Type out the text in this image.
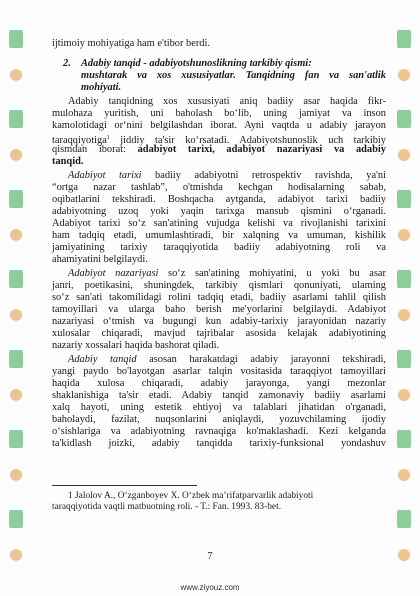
ijtimoiy mohiyatiga ham e'tibor berdi.
2. Adabiy tanqid - adabiyotshunoslikning tarkibiy qismi:
mushtarak va xos xususiyatlar. Tanqidning fan va san'atlik
mohiyati.
Adabiy tanqidning xos xususiyati aniq badiiy asar haqida fikr-
mulohaza yuritish, uni baholash bo‘lib, uning jamiyat va inson
kamolotidagi or‘nini belgilashdan iborat. Ayni vaqtda u adabiy jarayon
taraqqiyotiga$^1$ jiddiy ta'sir ko‘rsatadi. Adabiyotshunoslik uch tarkibiy
qismdan iborat: adabiyot tarixi, adabiyot nazariyasi va adabiy
tanqid.
Adabiyot tarixi badiiy adabiyotni retrospektiv ravishda, ya'ni
“ortga nazar tashlab”, o'tmishda kechgan hodisalarning sabab,
oqibatlarini tekshiradi. Boshqacha aytganda, adabiyot tarixi badiiy
adabiyotning uzoq yoki yaqin tarixga mansub qismini o‘rganadi.
Adabiyot tarixi so‘z san'atining vujudga kelishi va rivojlanishi tarixini
ham tadqiq etadi, umumlashtiradi, bir xalqning va umuman, kishilik
jamiyatining tarixiy taraqqiyotida badiiy adabiyotning roli va
ahamiyatini belgilaydi.
Adabiyot nazariyasi so‘z san'atining mohiyatini, u yoki bu asar
janri, poetikasini, shuningdek, tarkibiy qismlari qonuniyati, ulaming
so‘z san'ati takomilidagi rolini tadqiq etadi, badiiy asarlami tahlil qilish
tamoyillari va ularga baho berish me'yorlarini belgilaydi. Adabiyot
nazariyasi o‘tmish va bugungi kun adabiy-tarixiy jarayonidan nazariy
xulosalar chiqaradi, mavjud tajribalar asosida kelajak adabiyotining
nazariy xossalari haqida bashorat qiladi.
Adabiy tanqid asosan harakatdagi adabiy jarayonni tekshiradi,
yangi paydo bo'layotgan asarlar talqin vositasida taraqqiyot tamoyillari
haqida xulosa chiqaradi, adabiy jarayonga, yangi mezonlar
shaklanishiga ta'sir etadi. Adabiy tanqid zamonaviy badiiy asarlami
xalq hayoti, uning estetik ehtiyoj va talablari jihatidan o'rganadi,
baholaydi, fazilat, nuqsonlarini aniqlaydi, yozuvchilaming ijodiy
o‘sishlariga va adabiyotning ravnaqiga ko'maklashadi. Kezi kelganda
ta'kidlash joizki, adabiy tanqidda tarixiy-funksional yondashuv
1 Jalolov A., O‘zganboyev X. O‘zbek ma’rifatparvarlik adabiyoti
taraqqiyotida vaqtli matbuotning roli. - T.: Fan. 1993. 83-bet.
7
www.ziyouz.com
